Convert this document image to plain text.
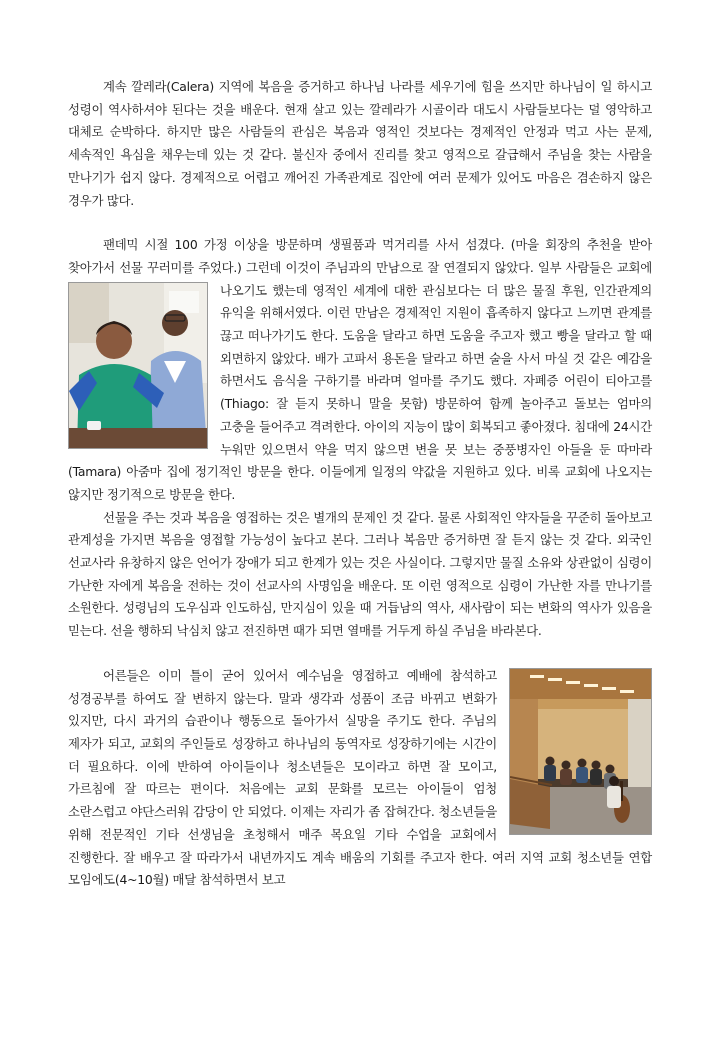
계속 깔레라(Calera) 지역에 복음을 증거하고 하나님 나라를 세우기에 힘을 쓰지만 하나님이 일 하시고 성령이 역사하셔야 된다는 것을 배운다. 현재 살고 있는 깔레라가 시골이라 대도시 사람들보다는 덜 영악하고 대체로 순박하다. 하지만 많은 사람들의 관심은 복음과 영적인 것보다는 경제적인 안정과 먹고 사는 문제, 세속적인 욕심을 채우는데 있는 것 같다. 불신자 중에서 진리를 찾고 영적으로 갈급해서 주님을 찾는 사람을 만나기가 쉽지 않다. 경제적으로 어렵고 깨어진 가족관계로 집안에 여러 문제가 있어도 마음은 겸손하지 않은 경우가 많다.

팬데믹 시절 100 가정 이상을 방문하며 생필품과 먹거리를 사서 섬겼다. (마을 회장의 추천을 받아 찾아가서 선물 꾸러미를 주었다.) 그런데 이것이 주님과의 만남으로 잘 연결되지 않았다.
일부 사람들은 교회에 나오기도 했는데 영적인 세계에 대한 관심보다는 더 많은 물질 후원, 인간관계의 유익을 위해서였다. 이런 만남은 경제적인 지원이 흡족하지 않다고 느끼면 관계를 끊고 떠나가기도 한다. 도움을 달라고 하면 도움을 주고자 했고 빵을 달라고 할 때 외면하지 않았다. 배가 고파서 용돈을 달라고 하면 술을 사서 마실 것 같은 예감을 하면서도 음식을 구하기를 바라며 얼마를 주기도 했다. 자폐증 어린이 티아고를 (Thiago: 잘 듣지 못하니 말을 못함) 방문하여 함께 놀아주고 돌보는 엄마의 고충을 들어주고 격려한다. 아이의 지능이 많이 회복되고 좋아졌다. 침대에 24시간 누워만 있으면서 약을 먹지 않으면 변을 못 보는 중풍병자인 아들을 둔 따마라(Tamara) 아줌마 집에 정기적인 방문을 한다. 이들에게 일정의 약값을 지원하고 있다. 비록 교회에 나오지는 않지만 정기적으로 방문을 한다.

선물을 주는 것과 복음을 영접하는 것은 별개의 문제인 것 같다. 물론 사회적인 약자들을 꾸준히 돌아보고 관계성을 가지면 복음을 영접할 가능성이 높다고 본다. 그러나 복음만 증거하면 잘 듣지 않는 것 같다. 외국인 선교사라 유창하지 않은 언어가 장애가 되고 한계가 있는 것은 사실이다. 그렇지만 물질 소유와 상관없이 심령이 가난한 자에게 복음을 전하는 것이 선교사의 사명임을 배운다. 또 이런 영적으로 심령이 가난한 자를 만나기를 소원한다. 성령님의 도우심과 인도하심, 만지심이 있을 때 거듭남의 역사, 새사람이 되는 변화의 역사가 있음을 믿는다. 선을 행하되 낙심치 않고 전진하면 때가 되면 열매를 거두게 하실 주님을 바라본다.

어른들은 이미 틀이 굳어 있어서 예수님을 영접하고 예배에 참석하고 성경공부를 하여도 잘 변하지 않는다. 말과 생각과 성품이 조금 바뀌고 변화가 있지만, 다시 과거의 습관이나 행동으로 돌아가서 실망을 주기도 한다. 주님의 제자가 되고, 교회의 주인들로 성장하고 하나님의 동역자로 성장하기에는 시간이 더 필요하다. 이에 반하여 아이들이나 청소년들은 모이라고 하면 잘 모이고, 가르침에 잘 따르는 편이다. 처음에는 교회 문화를 모르는 아이들이 엄청 소란스럽고 야단스러워 감당이 안 되었다. 이제는 자리가 좀 잡혀간다. 청소년들을 위해 전문적인 기타 선생님을 초청해서 매주 목요일 기타 수업을 교회에서 진행한다. 잘 배우고 잘 따라가서 내년까지도 계속 배움의 기회를 주고자 한다. 여러 지역 교회 청소년들 연합 모임에도(4~10월) 매달 참석하면서 보고
